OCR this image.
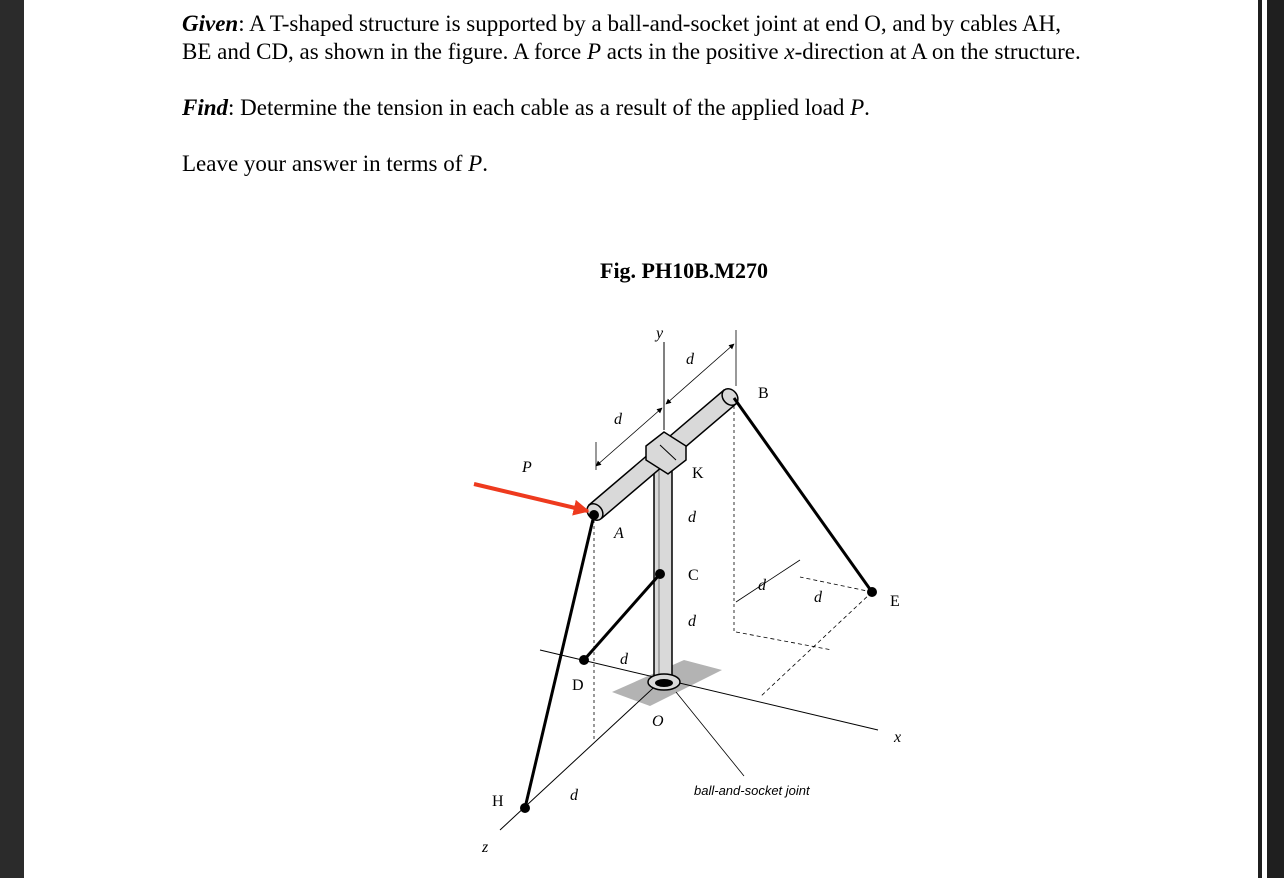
Given: A T-shaped structure is supported by a ball-and-socket joint at end O, and by cables AH, BE and CD, as shown in the figure. A force P acts in the positive x-direction at A on the structure.

Find: Determine the tension in each cable as a result of the applied load P.

Leave your answer in terms of P.

Fig. PH10B.M270
y
d
d
B
P	K
d
A
C
d
d	E
d
d
D
O
x
d
H
z
ball-and-socket joint
